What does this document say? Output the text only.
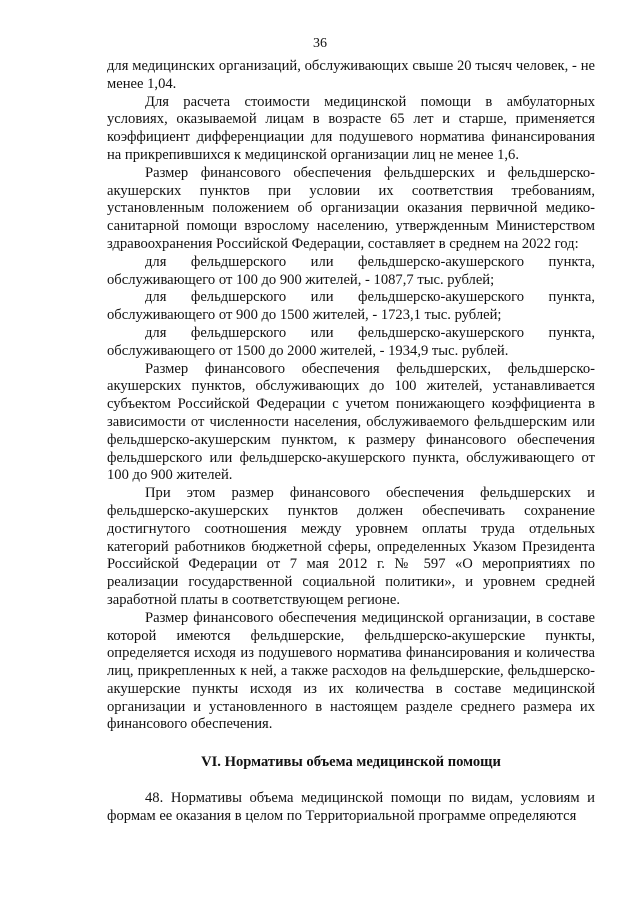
36

для медицинских организаций, обслуживающих свыше 20 тысяч человек, - не менее 1,04.

Для расчета стоимости медицинской помощи в амбулаторных условиях, оказываемой лицам в возрасте 65 лет и старше, применяется коэффициент дифференциации для подушевого норматива финансирования на прикрепившихся к медицинской организации лиц не менее 1,6.

Размер финансового обеспечения фельдшерских и фельдшерско-акушерских пунктов при условии их соответствия требованиям, установленным положением об организации оказания первичной медико-санитарной помощи взрослому населению, утвержденным Министерством здравоохранения Российской Федерации, составляет в среднем на 2022 год:

для фельдшерского или фельдшерско-акушерского пункта, обслуживающего от 100 до 900 жителей, - 1087,7 тыс. рублей;

для фельдшерского или фельдшерско-акушерского пункта, обслуживающего от 900 до 1500 жителей, - 1723,1 тыс. рублей;

для фельдшерского или фельдшерско-акушерского пункта, обслуживающего от 1500 до 2000 жителей, - 1934,9 тыс. рублей.

Размер финансового обеспечения фельдшерских, фельдшерско-акушерских пунктов, обслуживающих до 100 жителей, устанавливается субъектом Российской Федерации с учетом понижающего коэффициента в зависимости от численности населения, обслуживаемого фельдшерским или фельдшерско-акушерским пунктом, к размеру финансового обеспечения фельдшерского или фельдшерско-акушерского пункта, обслуживающего от 100 до 900 жителей.

При этом размер финансового обеспечения фельдшерских и фельдшерско-акушерских пунктов должен обеспечивать сохранение достигнутого соотношения между уровнем оплаты труда отдельных категорий работников бюджетной сферы, определенных Указом Президента Российской Федерации от 7 мая 2012 г. № 597 «О мероприятиях по реализации государственной социальной политики», и уровнем средней заработной платы в соответствующем регионе.

Размер финансового обеспечения медицинской организации, в составе которой имеются фельдшерские, фельдшерско-акушерские пункты, определяется исходя из подушевого норматива финансирования и количества лиц, прикрепленных к ней, а также расходов на фельдшерские, фельдшерско-акушерские пункты исходя из их количества в составе медицинской организации и установленного в настоящем разделе среднего размера их финансового обеспечения.

VI. Нормативы объема медицинской помощи

48. Нормативы объема медицинской помощи по видам, условиям и формам ее оказания в целом по Территориальной программе определяются
